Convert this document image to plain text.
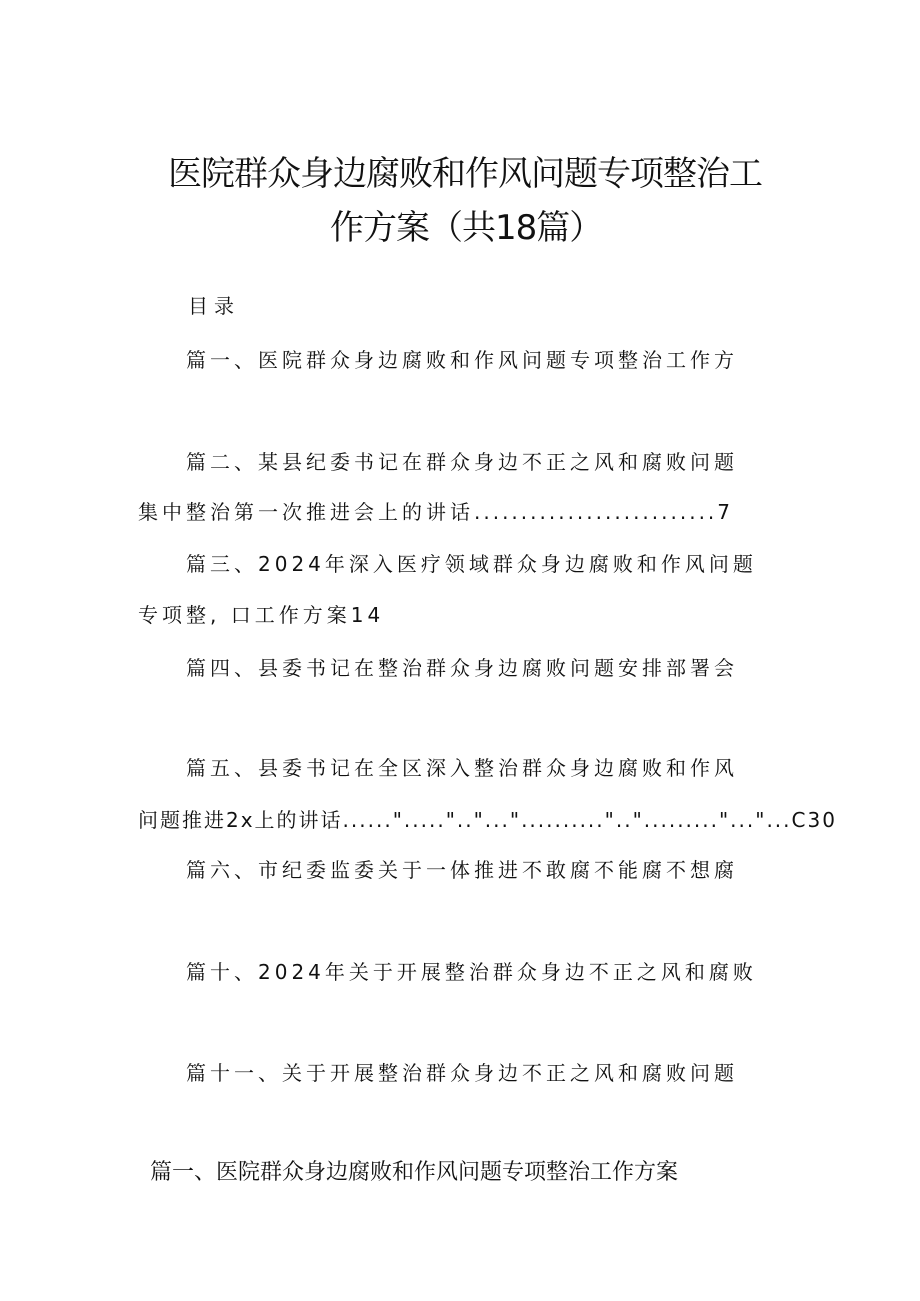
医院群众身边腐败和作风问题专项整治工
作方案（共18篇）
目录
篇一、医院群众身边腐败和作风问题专项整治工作方
篇二、某县纪委书记在群众身边不正之风和腐败问题
集中整治第一次推进会上的讲话..........................7
篇三、2024年深入医疗领域群众身边腐败和作风问题
专项整, 口工作方案14
篇四、县委书记在整治群众身边腐败问题安排部署会
篇五、县委书记在全区深入整治群众身边腐败和作风
问题推进2x上的讲话......".....".."..."..........".."........."..."...C30
篇六、市纪委监委关于一体推进不敢腐不能腐不想腐
篇十、2024年关于开展整治群众身边不正之风和腐败
篇十一、关于开展整治群众身边不正之风和腐败问题
篇一、医院群众身边腐败和作风问题专项整治工作方案
